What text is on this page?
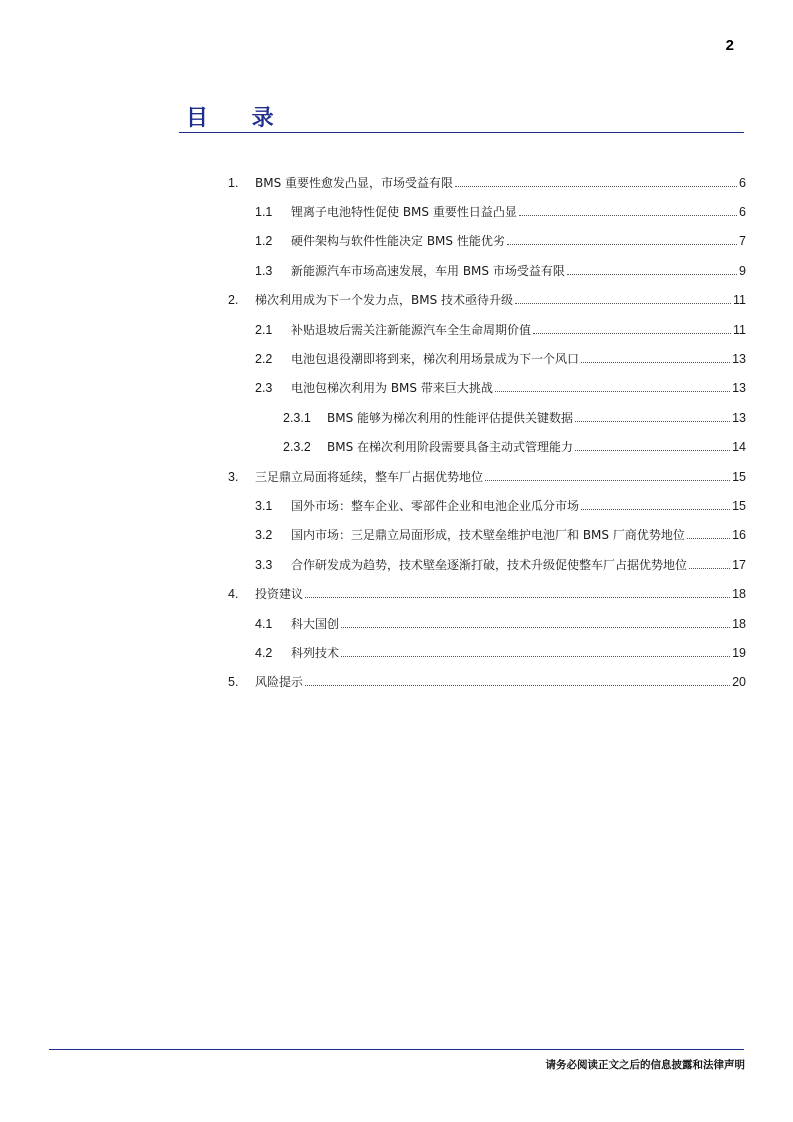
2
目 录
1.	BMS 重要性愈发凸显，市场受益有限	6
1.1	锂离子电池特性促使 BMS 重要性日益凸显	6
1.2	硬件架构与软件性能决定 BMS 性能优劣	7
1.3	新能源汽车市场高速发展，车用 BMS 市场受益有限	9
2.	梯次利用成为下一个发力点，BMS 技术亟待升级	11
2.1	补贴退坡后需关注新能源汽车全生命周期价值	11
2.2	电池包退役潮即将到来，梯次利用场景成为下一个风口	13
2.3	电池包梯次利用为 BMS 带来巨大挑战	13
2.3.1	BMS 能够为梯次利用的性能评估提供关键数据	13
2.3.2	BMS 在梯次利用阶段需要具备主动式管理能力	14
3.	三足鼎立局面将延续，整车厂占据优势地位	15
3.1	国外市场：整车企业、零部件企业和电池企业瓜分市场	15
3.2	国内市场：三足鼎立局面形成，技术壁垒维护电池厂和 BMS 厂商优势地位	16
3.3	合作研发成为趋势，技术壁垒逐渐打破，技术升级促使整车厂占据优势地位	17
4.	投资建议	18
4.1	科大国创	18
4.2	科列技术	19
5.	风险提示	20
请务必阅读正文之后的信息披露和法律声明
